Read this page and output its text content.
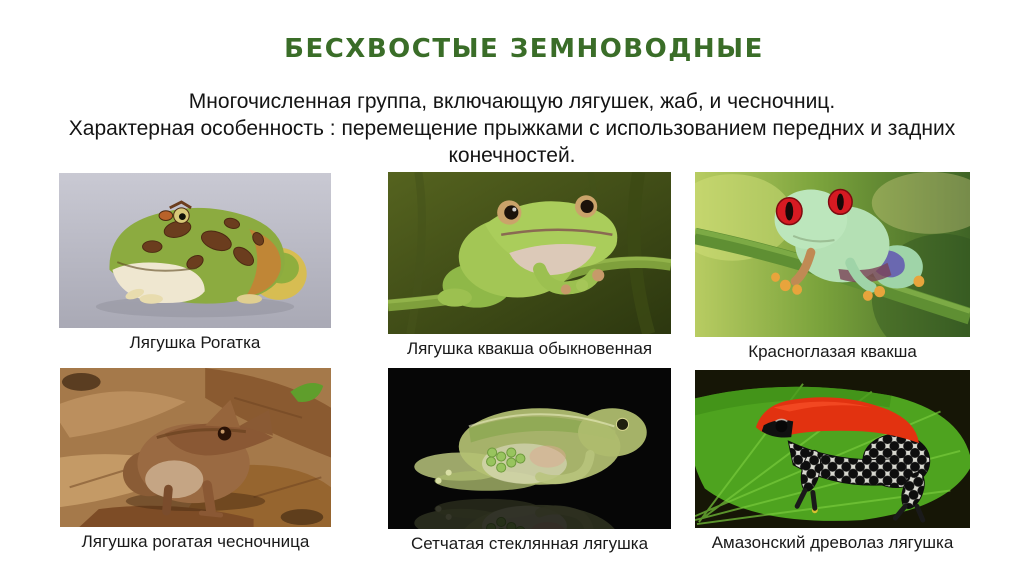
БЕСХВОСТЫЕ ЗЕМНОВОДНЫЕ
Многочисленная группа, включающую лягушек, жаб, и чесночниц.
Характерная особенность : перемещение прыжками с использованием передних и задних
конечностей.
Лягушка Рогатка	Лягушка квакша обыкновенная	Красноглазая квакша
Лягушка рогатая чесночница	Сетчатая стеклянная лягушка	Амазонский древолаз лягушка
